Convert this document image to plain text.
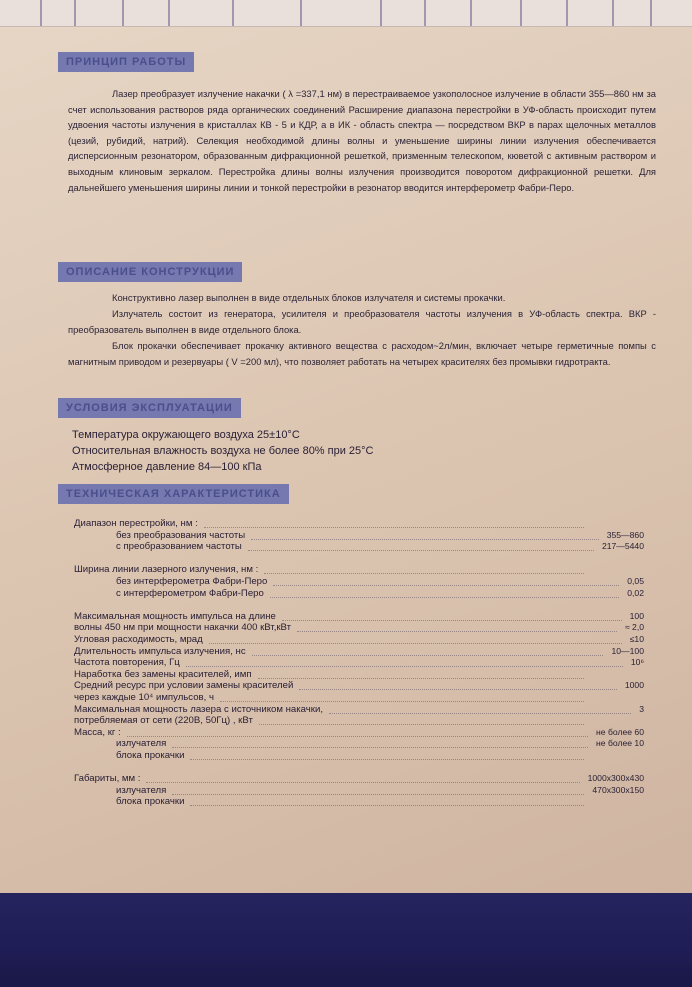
ПРИНЦИП РАБОТЫ
Лазер преобразует излучение накачки ( λ =337,1 нм) в перестраиваемое узкополосное излучение в области 355—860 нм за счет использования растворов ряда органических соединений Расширение диапазона перестройки в УФ-область происходит путем удвоения частоты излучения в кристаллах КВ - 5 и КДР, а в ИК - область спектра — посредством ВКР в парах щелочных металлов (цезий, рубидий, натрий). Селекция необходимой длины волны и уменьшение ширины линии излучения обеспечивается дисперсионным резонатором, образованным дифракционной решеткой, призменным телескопом, кюветой с активным раствором и выходным клиновым зеркалом. Перестройка длины волны излучения производится поворотом дифракционной решетки. Для дальнейшего уменьшения ширины линии и тонкой перестройки в резонатор вводится интерферометр Фабри-Перо.
ОПИСАНИЕ КОНСТРУКЦИИ
Конструктивно лазер выполнен в виде отдельных блоков излучателя и системы прокачки.
Излучатель состоит из генератора, усилителя и преобразователя частоты излучения в УФ-область спектра. ВКР - преобразователь выполнен в виде отдельного блока.
Блок прокачки обеспечивает прокачку активного вещества с расходом~2л/мин, включает четыре герметичные помпы с магнитным приводом и резервуары ( V =200 мл), что позволяет работать на четырех красителях без промывки гидротракта.
УСЛОВИЯ ЭКСПЛУАТАЦИИ
Температура окружающего воздуха 25±10°С
Относительная влажность воздуха не более 80% при 25°С
Атмосферное давление 84—100 кПа
ТЕХНИЧЕСКАЯ ХАРАКТЕРИСТИКА
Диапазон перестройки, нм :
без преобразования частоты	355—860
с преобразованием частоты	217—5440
Ширина линии лазерного излучения, нм :
без интерферометра Фабри-Перо	0,05
с интерферометром Фабри-Перо	0,02
Максимальная мощность импульса на длине	100
волны 450 нм при мощности накачки 400 кВт,кВт	≈ 2,0
Угловая расходимость, мрад	≤10
Длительность импульса излучения, нс	10—100
Частота повторения, Гц	10⁶
Наработка без замены красителей, имп
Средний ресурс при условии замены красителей	1000
через каждые 10⁴ импульсов, ч
Максимальная мощность лазера с источником накачки,	3
потребляемая от сети (220В, 50Гц) , кВт
Масса, кг :	не более 60
излучателя	не более 10
блока прокачки
Габариты, мм :	1000x300x430
излучателя	470x300x150
блока прокачки
